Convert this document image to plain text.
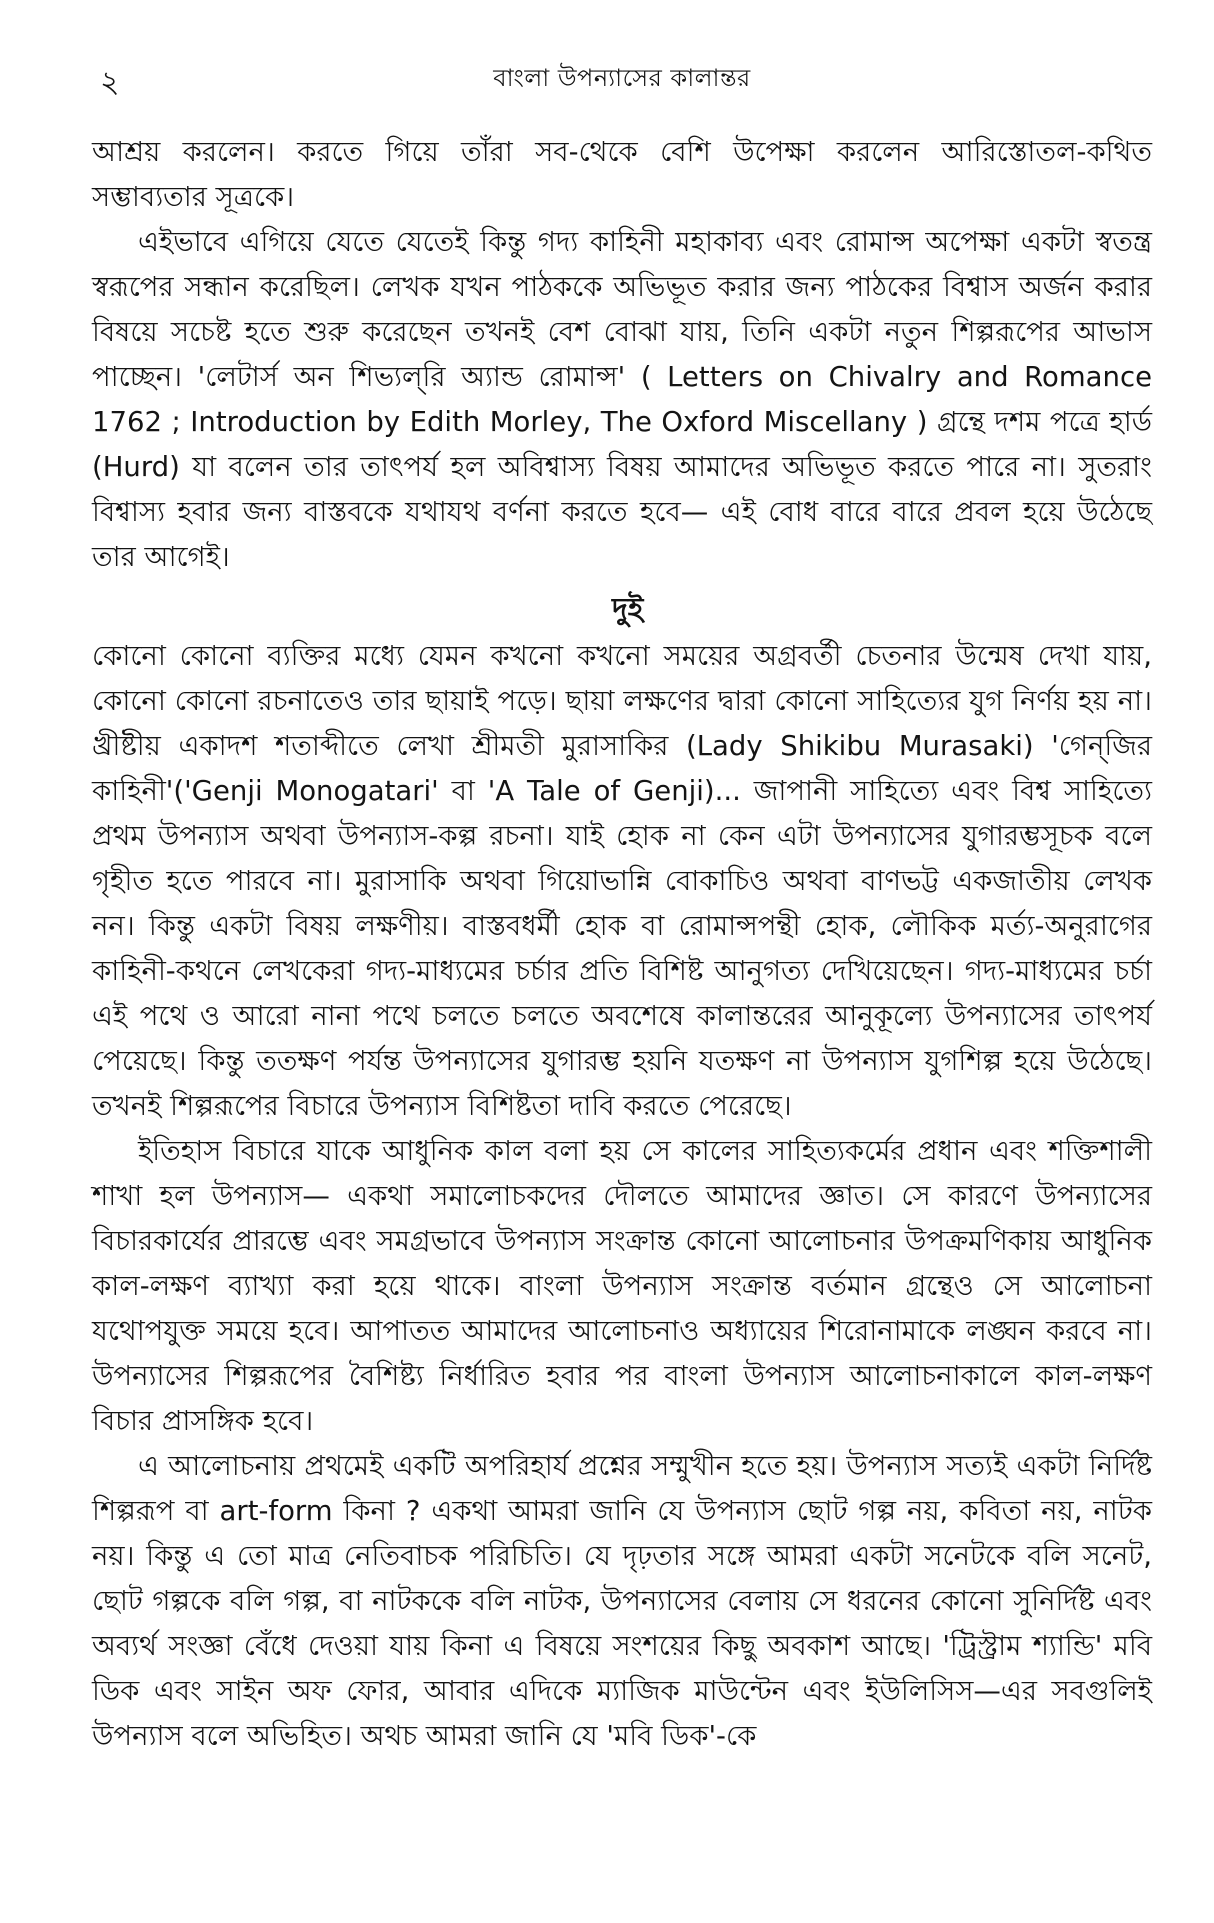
২	বাংলা উপন্যাসের কালান্তর

আশ্রয় করলেন। করতে গিয়ে তাঁরা সব-থেকে বেশি উপেক্ষা করলেন আরিস্তোতল-কথিত সম্ভাব্যতার সূত্রকে।

এইভাবে এগিয়ে যেতে যেতেই কিন্তু গদ্য কাহিনী মহাকাব্য এবং রোমান্স অপেক্ষা একটা স্বতন্ত্র স্বরূপের সন্ধান করেছিল। লেখক যখন পাঠককে অভিভূত করার জন্য পাঠকের বিশ্বাস অর্জন করার বিষয়ে সচেষ্ট হতে শুরু করেছেন তখনই বেশ বোঝা যায়, তিনি একটা নতুন শিল্পরূপের আভাস পাচ্ছেন। 'লেটার্স অন শিভ্যল্‌রি অ্যান্ড রোমান্স' ( Letters on Chivalry and Romance 1762 ; Introduction by Edith Morley, The Oxford Miscellany ) গ্রন্থে দশম পত্রে হার্ড (Hurd) যা বলেন তার তাৎপর্য হল অবিশ্বাস্য বিষয় আমাদের অভিভূত করতে পারে না। সুতরাং বিশ্বাস্য হবার জন্য বাস্তবকে যথাযথ বর্ণনা করতে হবে— এই বোধ বারে বারে প্রবল হয়ে উঠেছে তার আগেই।

দুই

কোনো কোনো ব্যক্তির মধ্যে যেমন কখনো কখনো সময়ের অগ্রবর্তী চেতনার উন্মেষ দেখা যায়, কোনো কোনো রচনাতেও তার ছায়াই পড়ে। ছায়া লক্ষণের দ্বারা কোনো সাহিত্যের যুগ নির্ণয় হয় না। খ্রীষ্টীয় একাদশ শতাব্দীতে লেখা শ্রীমতী মুরাসাকির (Lady Shikibu Murasaki) 'গেন্‌জির কাহিনী'('Genji Monogatari' বা 'A Tale of Genji)... জাপানী সাহিত্যে এবং বিশ্ব সাহিত্যে প্রথম উপন্যাস অথবা উপন্যাস-কল্প রচনা। যাই হোক না কেন এটা উপন্যাসের যুগারম্ভসূচক বলে গৃহীত হতে পারবে না। মুরাসাকি অথবা গিয়োভান্নি বোকাচিও অথবা বাণভট্ট একজাতীয় লেখক নন। কিন্তু একটা বিষয় লক্ষণীয়। বাস্তবধর্মী হোক বা রোমান্সপন্থী হোক, লৌকিক মর্ত্য-অনুরাগের কাহিনী-কথনে লেখকেরা গদ্য-মাধ্যমের চর্চার প্রতি বিশিষ্ট আনুগত্য দেখিয়েছেন। গদ্য-মাধ্যমের চর্চা এই পথে ও আরো নানা পথে চলতে চলতে অবশেষে কালান্তরের আনুকূল্যে উপন্যাসের তাৎপর্য পেয়েছে। কিন্তু ততক্ষণ পর্যন্ত উপন্যাসের যুগারম্ভ হয়নি যতক্ষণ না উপন্যাস যুগশিল্প হয়ে উঠেছে। তখনই শিল্পরূপের বিচারে উপন্যাস বিশিষ্টতা দাবি করতে পেরেছে।

ইতিহাস বিচারে যাকে আধুনিক কাল বলা হয় সে কালের সাহিত্যকর্মের প্রধান এবং শক্তিশালী শাখা হল উপন্যাস— একথা সমালোচকদের দৌলতে আমাদের জ্ঞাত। সে কারণে উপন্যাসের বিচারকার্যের প্রারম্ভে এবং সমগ্রভাবে উপন্যাস সংক্রান্ত কোনো আলোচনার উপক্রমণিকায় আধুনিক কাল-লক্ষণ ব্যাখ্যা করা হয়ে থাকে। বাংলা উপন্যাস সংক্রান্ত বর্তমান গ্রন্থেও সে আলোচনা যথোপযুক্ত সময়ে হবে। আপাতত আমাদের আলোচনাও অধ্যায়ের শিরোনামাকে লঙ্ঘন করবে না। উপন্যাসের শিল্পরূপের বৈশিষ্ট্য নির্ধারিত হবার পর বাংলা উপন্যাস আলোচনাকালে কাল-লক্ষণ বিচার প্রাসঙ্গিক হবে।

এ আলোচনায় প্রথমেই একটি অপরিহার্য প্রশ্নের সম্মুখীন হতে হয়। উপন্যাস সত্যই একটা নির্দিষ্ট শিল্পরূপ বা art-form কিনা ? একথা আমরা জানি যে উপন্যাস ছোট গল্প নয়, কবিতা নয়, নাটক নয়। কিন্তু এ তো মাত্র নেতিবাচক পরিচিতি। যে দৃঢ়তার সঙ্গে আমরা একটা সনেটকে বলি সনেট, ছোট গল্পকে বলি গল্প, বা নাটককে বলি নাটক, উপন্যাসের বেলায় সে ধরনের কোনো সুনির্দিষ্ট এবং অব্যর্থ সংজ্ঞা বেঁধে দেওয়া যায় কিনা এ বিষয়ে সংশয়ের কিছু অবকাশ আছে। 'ট্রিস্ট্রাম শ্যান্ডি' মবি ডিক এবং সাইন অফ ফোর, আবার এদিকে ম্যাজিক মাউন্টেন এবং ইউলিসিস—এর সবগুলিই উপন্যাস বলে অভিহিত। অথচ আমরা জানি যে 'মবি ডিক'-কে
